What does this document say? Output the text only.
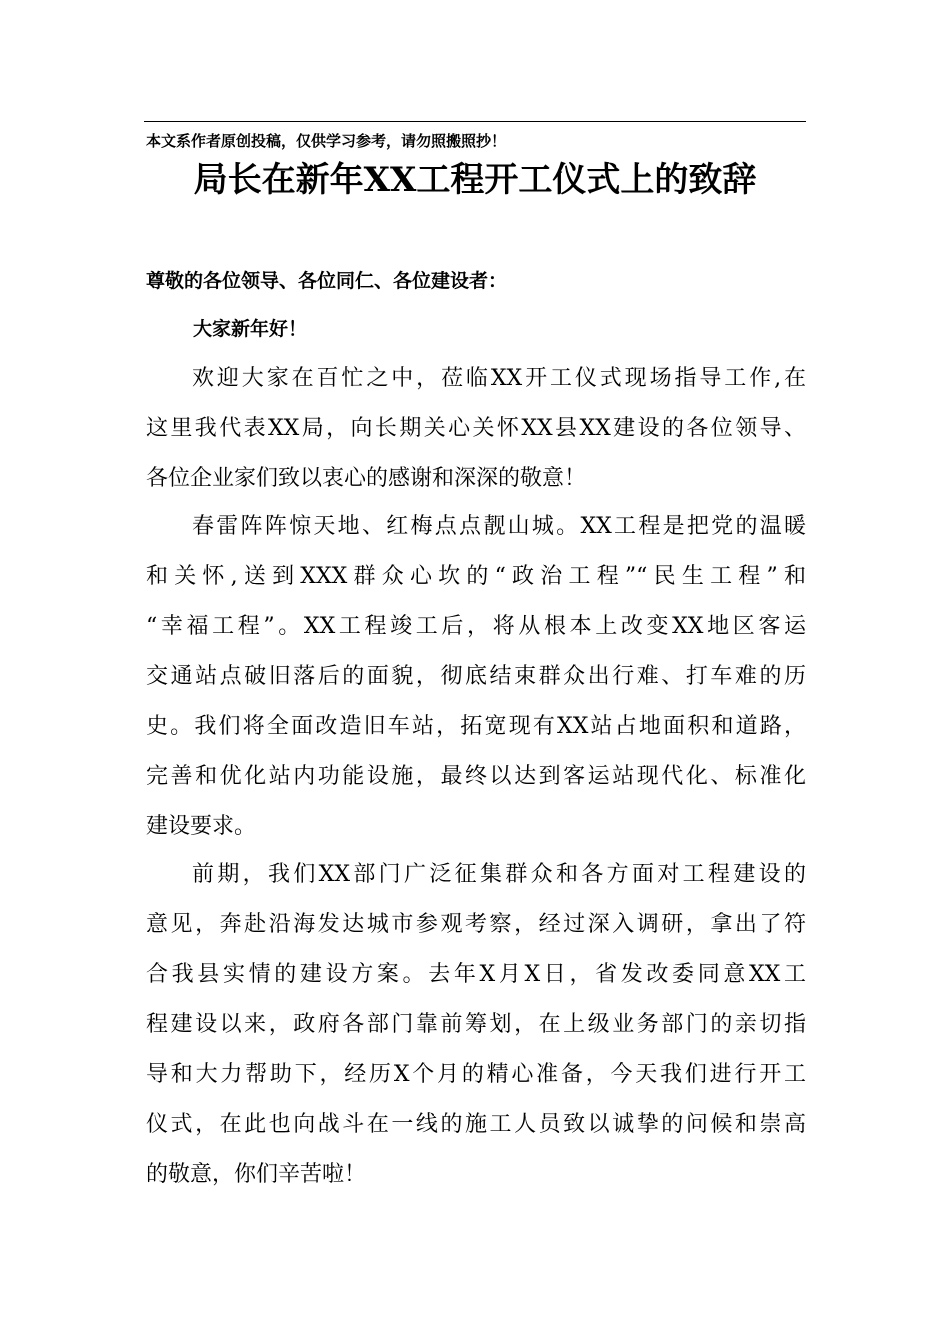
本文系作者原创投稿，仅供学习参考，请勿照搬照抄！
局长在新年XX工程开工仪式上的致辞
尊敬的各位领导、各位同仁、各位建设者：
大家新年好！

欢迎大家在百忙之中，莅临XX开工仪式现场指导工作,在
这里我代表XX局，向长期关心关怀XX县XX建设的各位领导、
各位企业家们致以衷心的感谢和深深的敬意！

春雷阵阵惊天地、红梅点点靓山城。XX工程是把党的温暖
和关怀,送到XXX群众心坎的“政治工程”“民生工程”和
“幸福工程”。XX工程竣工后，将从根本上改变XX地区客运
交通站点破旧落后的面貌，彻底结束群众出行难、打车难的历
史。我们将全面改造旧车站，拓宽现有XX站占地面积和道路，
完善和优化站内功能设施，最终以达到客运站现代化、标准化
建设要求。

前期，我们XX部门广泛征集群众和各方面对工程建设的
意见，奔赴沿海发达城市参观考察，经过深入调研，拿出了符
合我县实情的建设方案。去年X月X日，省发改委同意XX工
程建设以来，政府各部门靠前筹划，在上级业务部门的亲切指
导和大力帮助下，经历X个月的精心准备，今天我们进行开工
仪式，在此也向战斗在一线的施工人员致以诚挚的问候和崇高
的敬意，你们辛苦啦！
